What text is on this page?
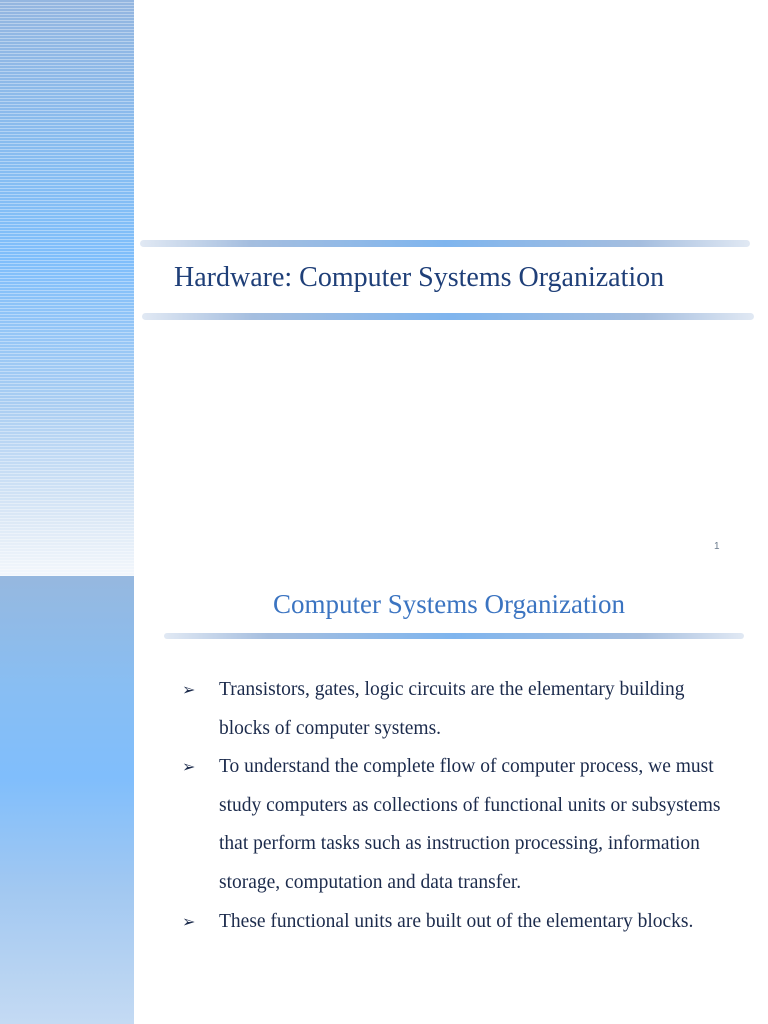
Hardware: Computer Systems Organization
1
Computer Systems Organization
➢ Transistors, gates, logic circuits are the elementary building blocks of computer systems.
➢ To understand the complete flow of computer process, we must study computers as collections of functional units or subsystems that perform tasks such as instruction processing, information storage, computation and data transfer.
➢ These functional units are built out of the elementary blocks.
